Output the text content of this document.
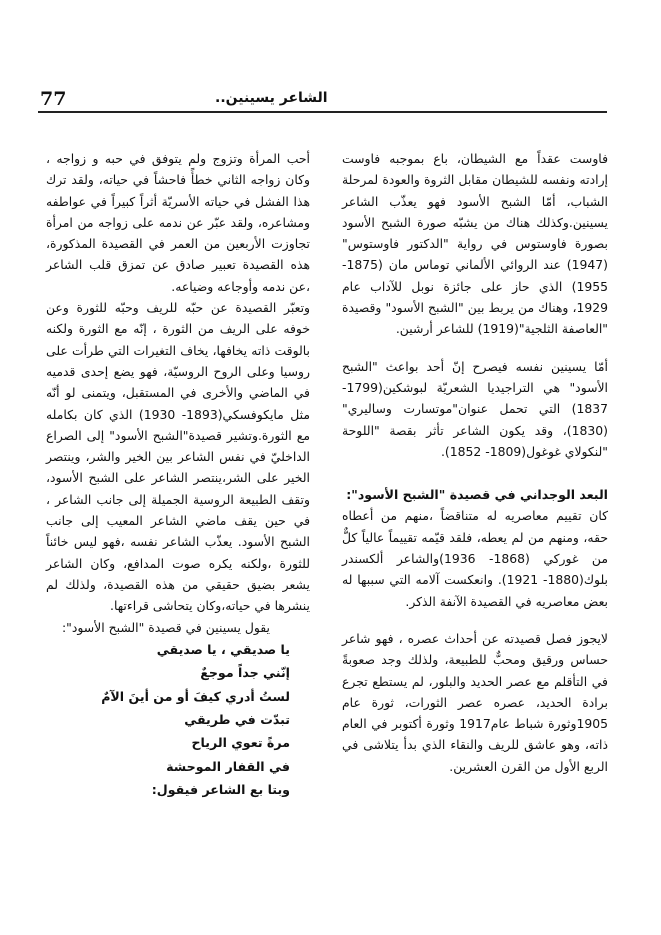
77	الشاعر يسينين..

فاوست عقداً مع الشيطان، باع بموجبه فاوست إرادته ونفسه للشيطان مقابل الثروة والعودة لمرحلة الشباب، أمّا الشبح الأسود فهو يعذّب الشاعر يسينين.وكذلك هناك من يشبّه صورة الشبح الأسود بصورة فاوستوس في رواية "الدكتور فاوستوس"(1947) عند الروائي الألماني توماس مان (1875- 1955) الذي حاز على جائزة نوبل للآداب عام 1929، وهناك من يربط بين "الشبح الأسود" وقصيدة "العاصفة الثلجية"(1919) للشاعر أرشين.

أمّا يسينين نفسه فيصرح إنّ أحد بواعث "الشبح الأسود" هي التراجيديا الشعريّة لبوشكين(1799- 1837) التي تحمل عنوان"موتسارت وساليري"(1830)، وقد يكون الشاعر تأثر بقصة "اللوحة "لنكولاي غوغول(1809- 1852).

البعد الوجداني في قصيدة "الشبح الأسود":

كان تقييم معاصريه له متناقضاً ،منهم من أعطاه حقه، ومنهم من لم يعطه، فلقد قيّمه تقييماً عالياً كلٌّ من غوركي (1868- 1936)والشاعر ألكسندر بلوك(1880- 1921). وانعكست آلامه التي سببها له بعض معاصريه في القصيدة الآنفة الذكر.

لايجوز فصل قصيدته عن أحداث عصره ، فهو شاعر حساس ورقيق ومحبٌّ للطبيعة، ولذلك وجد صعوبةً في التأقلم مع عصر الحديد والبلور، لم يستطع تجرع برادة الحديد، عصره عصر الثورات، ثورة عام 1905وثورة شباط عام1917 وثورة أكتوبر في العام ذاته، وهو عاشق للريف والنقاء الذي بدأ يتلاشى في الربع الأول من القرن العشرين.

أحب المرأة وتزوج ولم يتوفق في حبه و زواجه ، وكان زواجه الثاني خطأً فاحشاً في حياته، ولقد ترك هذا الفشل في حياته الأسريّة أثراً كبيراً في عواطفه ومشاعره، ولقد عبّر عن ندمه على زواجه من امرأة تجاوزت الأربعين من العمر في القصيدة المذكورة، هذه القصيدة تعبير صادق عن تمزق قلب الشاعر ،عن ندمه وأوجاعه وضياعه.

وتعبّر القصيدة عن حبّه للريف وحبّه للثورة وعن خوفه على الريف من الثورة ، إنّه مع الثورة ولكنه بالوقت ذاته يخافها، يخاف التغيرات التي طرأت على روسيا وعلى الروح الروسيّة، فهو يضع إحدى قدميه في الماضي والأخرى في المستقبل، ويتمنى لو أنّه مثل مايكوفسكي(1893- 1930) الذي كان بكامله مع الثورة.وتشير قصيدة"الشبح الأسود" إلى الصراع الداخليّ في نفس الشاعر بين الخير والشر، وينتصر الخير على الشر،ينتصر الشاعر على الشبح الأسود، وتقف الطبيعة الروسية الجميلة إلى جانب الشاعر ، في حين يقف ماضي الشاعر المعيب إلى جانب الشبح الأسود. يعذّب الشاعر نفسه ،فهو ليس خائناً للثورة ،ولكنه يكره صوت المدافع، وكان الشاعر يشعر بضيق حقيقي من هذه القصيدة، ولذلك لم ينشرها في حياته،وكان يتحاشى قراءتها.

يقول يسينين في قصيدة "الشبح الأسود":

يا صديقي ، يا صديقي

إنّني جداً موجعٌ

لستُ أدري كيفَ أو من أينَ الآمٌ

تبدّت في طريقي

مرةً تعوي الرياح

في القفار الموحشة

وبتا بع الشاعر فيقول:
